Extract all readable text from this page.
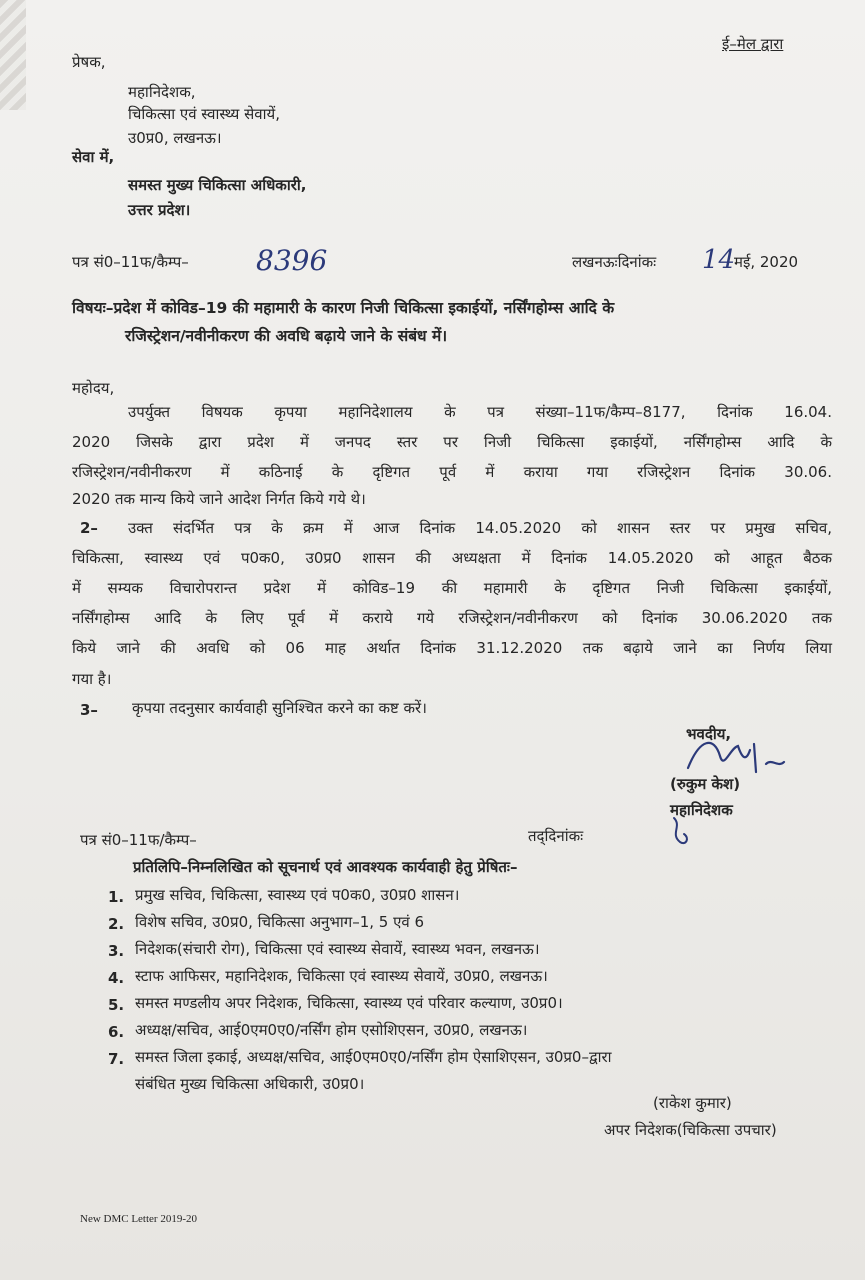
ई–मेल द्वारा
प्रेषक,
महानिदेशक,
चिकित्सा एवं स्वास्थ्य सेवायें,
उ0प्र0, लखनऊ।
सेवा में,
समस्त मुख्य चिकित्सा अधिकारी,
उत्तर प्रदेश।
पत्र सं0–11फ/कैम्प– 8396	लखनऊःदिनांकः 14
मई, 2020
विषयः–प्रदेश में कोविड–19 की महामारी के कारण निजी चिकित्सा इकाईयों, नर्सिंगहोम्स आदि के
रजिस्ट्रेशन/नवीनीकरण की अवधि बढ़ाये जाने के संबंध में।
महोदय,
उपर्युक्त विषयक कृपया महानिदेशालय के पत्र संख्या–11फ/कैम्प–8177, दिनांक 16.04.
2020 जिसके द्वारा प्रदेश में जनपद स्तर पर निजी चिकित्सा इकाईयों, नर्सिंगहोम्स आदि के
रजिस्ट्रेशन/नवीनीकरण में कठिनाई के दृष्टिगत पूर्व में कराया गया रजिस्ट्रेशन दिनांक 30.06.
2020 तक मान्य किये जाने आदेश निर्गत किये गये थे।
2– उक्त संदर्भित पत्र के क्रम में आज दिनांक 14.05.2020 को शासन स्तर पर प्रमुख सचिव,
चिकित्सा, स्वास्थ्य एवं प0क0, उ0प्र0 शासन की अध्यक्षता में दिनांक 14.05.2020 को आहूत बैठक
में सम्यक विचारोपरान्त प्रदेश में कोविड–19 की महामारी के दृष्टिगत निजी चिकित्सा इकाईयों,
नर्सिंगहोम्स आदि के लिए पूर्व में कराये गये रजिस्ट्रेशन/नवीनीकरण को दिनांक 30.06.2020 तक
किये जाने की अवधि को 06 माह अर्थात दिनांक 31.12.2020 तक बढ़ाये जाने का निर्णय लिया
गया है।
3– कृपया तदनुसार कार्यवाही सुनिश्चित करने का कष्ट करें।
भवदीय,
(रुकुम केश)
महानिदेशक
पत्र सं0–11फ/कैम्प–	तद्‌दिनांकः
प्रतिलिपि–निम्नलिखित को सूचनार्थ एवं आवश्यक कार्यवाही हेतु प्रेषितः–
1. प्रमुख सचिव, चिकित्सा, स्वास्थ्य एवं प0क0, उ0प्र0 शासन।
2. विशेष सचिव, उ0प्र0, चिकित्सा अनुभाग–1, 5 एवं 6
3. निदेशक(संचारी रोग), चिकित्सा एवं स्वास्थ्य सेवायें, स्वास्थ्य भवन, लखनऊ।
4. स्टाफ आफिसर, महानिदेशक, चिकित्सा एवं स्वास्थ्य सेवायें, उ0प्र0, लखनऊ।
5. समस्त मण्डलीय अपर निदेशक, चिकित्सा, स्वास्थ्य एवं परिवार कल्याण, उ0प्र0।
6. अध्यक्ष/सचिव, आई0एम0ए0/नर्सिंग होम एसोशिएसन, उ0प्र0, लखनऊ।
7. समस्त जिला इकाई, अध्यक्ष/सचिव, आई0एम0ए0/नर्सिंग होम ऐसाशिएसन, उ0प्र0–द्वारा
संबंधित मुख्य चिकित्सा अधिकारी, उ0प्र0।
(राकेश कुमार)
अपर निदेशक(चिकित्सा उपचार)
New DMC Letter 2019-20
